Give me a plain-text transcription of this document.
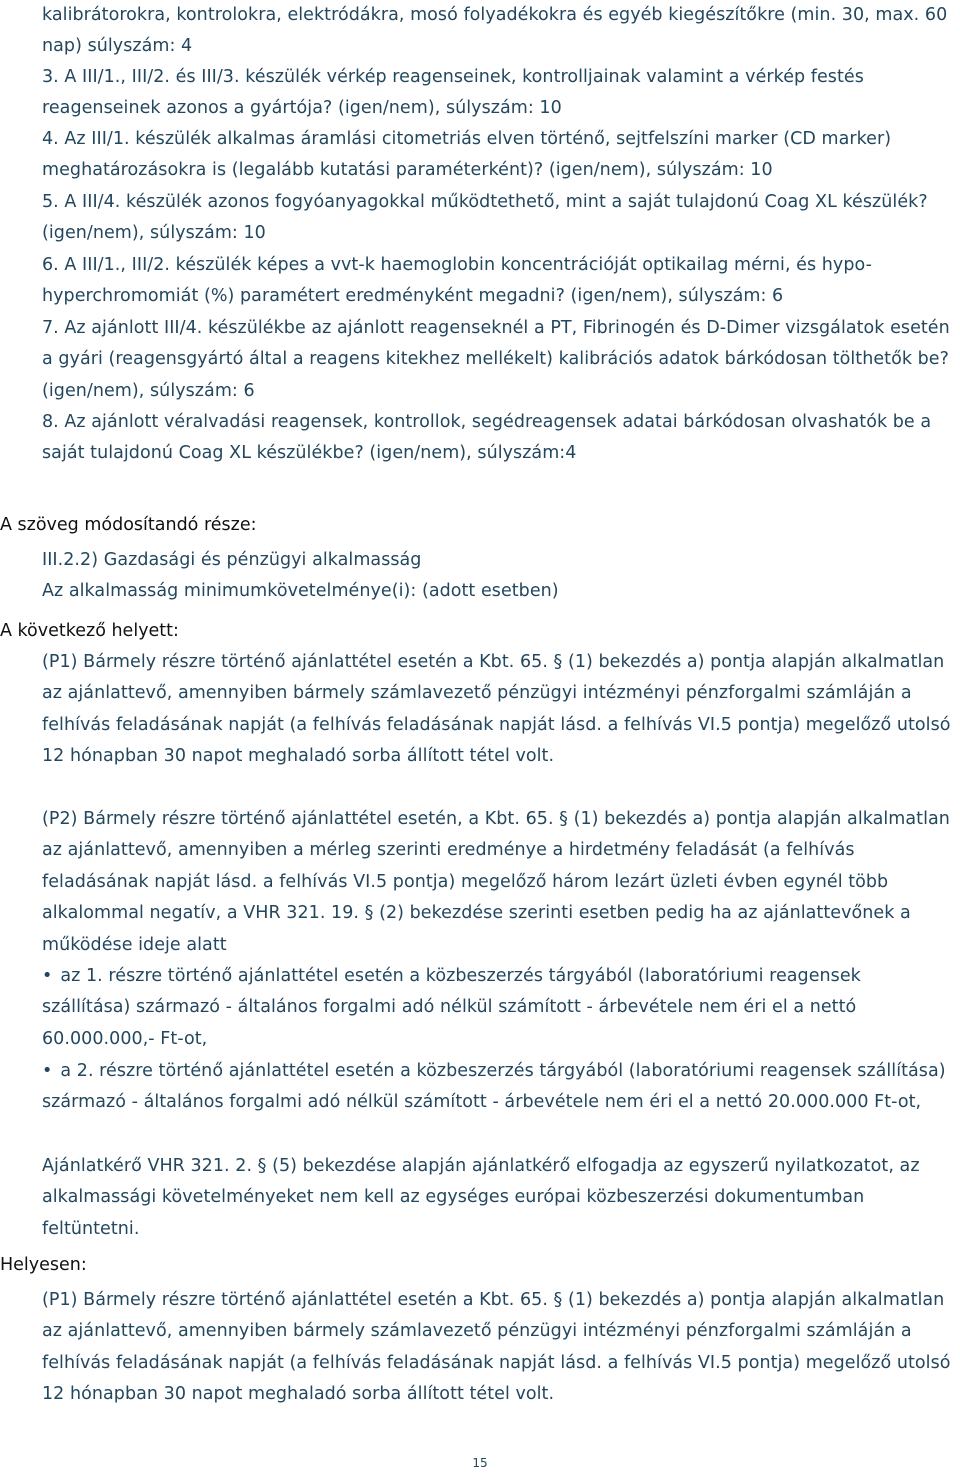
kalibrátorokra, kontrolokra, elektródákra, mosó folyadékokra és egyéb kiegészítőkre (min. 30, max. 60 nap) súlyszám: 4

3. A III/1., III/2. és III/3. készülék vérkép reagenseinek, kontrolljainak valamint a vérkép festés reagenseinek azonos a gyártója? (igen/nem), súlyszám: 10

4. Az III/1. készülék alkalmas áramlási citometriás elven történő, sejtfelszíni marker (CD marker) meghatározásokra is (legalább kutatási paraméterként)? (igen/nem), súlyszám: 10

5. A III/4. készülék azonos fogyóanyagokkal működtethető, mint a saját tulajdonú Coag XL készülék? (igen/nem), súlyszám: 10

6. A III/1., III/2. készülék képes a vvt-k haemoglobin koncentrációját optikailag mérni, és hypo- hyperchromomiát (%) paramétert eredményként megadni? (igen/nem), súlyszám: 6

7. Az ajánlott III/4. készülékbe az ajánlott reagenseknél a PT, Fibrinogén és D-Dimer vizsgálatok esetén a gyári (reagensgyártó által a reagens kitekhez mellékelt) kalibrációs adatok bárkódosan tölthetők be? (igen/nem), súlyszám: 6

8. Az ajánlott véralvadási reagensek, kontrollok, segédreagensek adatai bárkódosan olvashatók be a saját tulajdonú Coag XL készülékbe? (igen/nem), súlyszám:4

A szöveg módosítandó része:

III.2.2) Gazdasági és pénzügyi alkalmasság

Az alkalmasság minimumkövetelménye(i): (adott esetben)

A következő helyett:

(P1) Bármely részre történő ajánlattétel esetén a Kbt. 65. § (1) bekezdés a) pontja alapján alkalmatlan az ajánlattevő, amennyiben bármely számlavezető pénzügyi intézményi pénzforgalmi számláján a felhívás feladásának napját (a felhívás feladásának napját lásd. a felhívás VI.5 pontja) megelőző utolsó 12 hónapban 30 napot meghaladó sorba állított tétel volt.

(P2) Bármely részre történő ajánlattétel esetén, a Kbt. 65. § (1) bekezdés a) pontja alapján alkalmatlan az ajánlattevő, amennyiben a mérleg szerinti eredménye a hirdetmény feladását (a felhívás feladásának napját lásd. a felhívás VI.5 pontja) megelőző három lezárt üzleti évben egynél több alkalommal negatív, a VHR 321. 19. § (2) bekezdése szerinti esetben pedig ha az ajánlattevőnek a működése ideje alatt

• az 1. részre történő ajánlattétel esetén a közbeszerzés tárgyából (laboratóriumi reagensek szállítása) származó - általános forgalmi adó nélkül számított - árbevétele nem éri el a nettó 60.000.000,- Ft-ot,

• a 2. részre történő ajánlattétel esetén a közbeszerzés tárgyából (laboratóriumi reagensek szállítása) származó - általános forgalmi adó nélkül számított - árbevétele nem éri el a nettó 20.000.000 Ft-ot,

Ajánlatkérő VHR 321. 2. § (5) bekezdése alapján ajánlatkérő elfogadja az egyszerű nyilatkozatot, az alkalmassági követelményeket nem kell az egységes európai közbeszerzési dokumentumban feltüntetni.

Helyesen:

(P1) Bármely részre történő ajánlattétel esetén a Kbt. 65. § (1) bekezdés a) pontja alapján alkalmatlan az ajánlattevő, amennyiben bármely számlavezető pénzügyi intézményi pénzforgalmi számláján a felhívás feladásának napját (a felhívás feladásának napját lásd. a felhívás VI.5 pontja) megelőző utolsó 12 hónapban 30 napot meghaladó sorba állított tétel volt.

15
